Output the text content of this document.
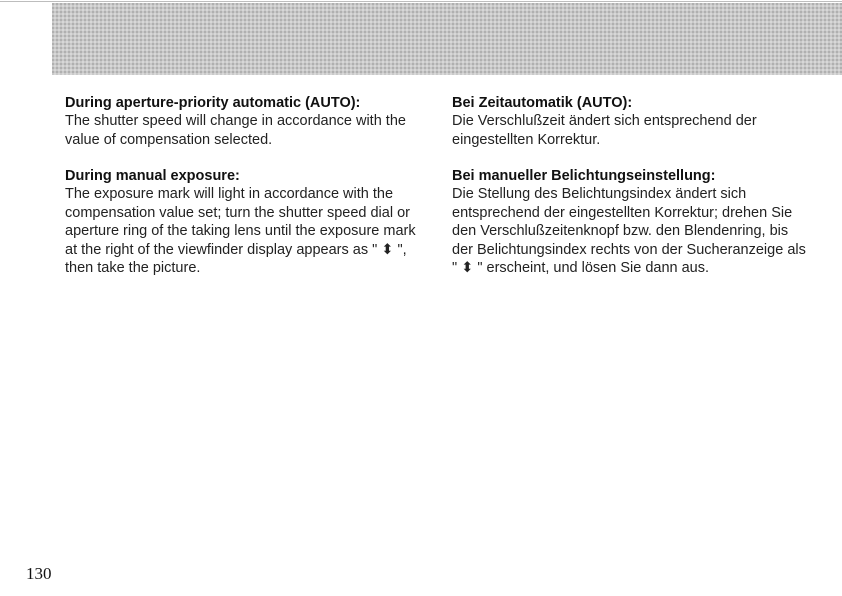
During aperture-priority automatic (AUTO):

The shutter speed will change in accordance with the value of compensation selected.

During manual exposure:

The exposure mark will light in accordance with the compensation value set; turn the shutter speed dial or aperture ring of the taking lens until the exposure mark at the right of the viewfinder display appears as " ⬍ ", then take the picture.

Bei Zeitautomatik (AUTO):

Die Verschlußzeit ändert sich entsprechend der eingestellten Korrektur.

Bei manueller Belichtungseinstellung:

Die Stellung des Belichtungsindex ändert sich entsprechend der eingestellten Korrektur; drehen Sie den Verschlußzeitenknopf bzw. den Blendenring, bis der Belichtungsindex rechts von der Sucheranzeige als " ⬍ " erscheint, und lösen Sie dann aus.

130
